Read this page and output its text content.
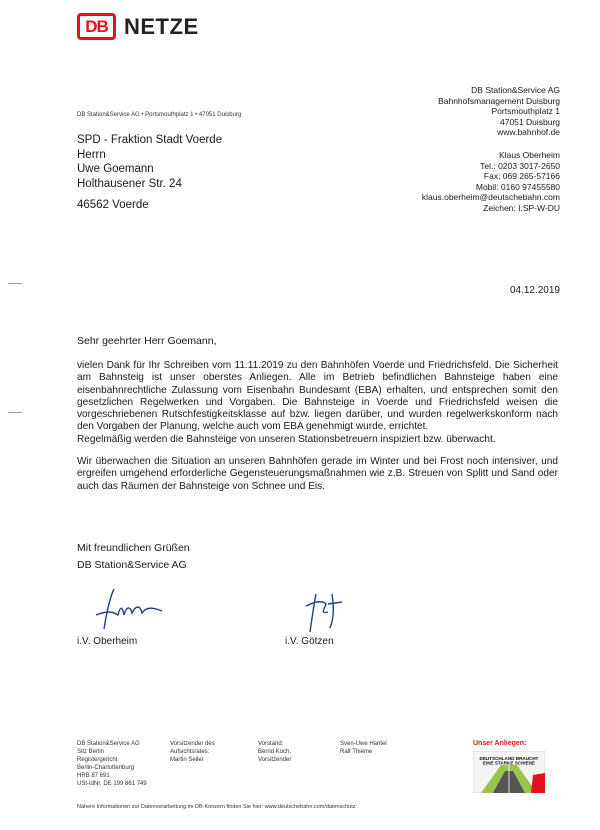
DB NETZE
DB Station&Service AG • Portsmouthplatz 1 • 47051 Duisburg
SPD - Fraktion Stadt Voerde
Herrn
Uwe Goemann
Holthausener Str. 24
46562 Voerde
DB Station&Service AG
Bahnhofsmanagement Duisburg
Portsmouthplatz 1
47051 Duisburg
www.bahnhof.de
Klaus Oberheim
Tel.: 0203 3017-2650
Fax: 069 265-57166
Mobil: 0160 97455580
klaus.oberheim@deutschebahn.com
Zeichen: I.SP-W-DU
04.12.2019
Sehr geehrter Herr Goemann,

vielen Dank für Ihr Schreiben vom 11.11.2019 zu den Bahnhöfen Voerde und Friedrichsfeld. Die Sicherheit am Bahnsteig ist unser oberstes Anliegen. Alle im Betrieb befindlichen Bahnsteige haben eine eisenbahnrechtliche Zulassung vom Eisenbahn Bundesamt (EBA) erhalten, und entsprechen somit den gesetzlichen Regelwerken und Vorgaben. Die Bahnsteige in Voerde und Friedrichsfeld weisen die vorgeschriebenen Rutschfestigkeitsklasse auf bzw. liegen darüber, und wurden regelwerkskonform nach den Vorgaben der Planung, welche auch vom EBA genehmigt wurde, errichtet.

Regelmäßig werden die Bahnsteige von unseren Stationsbetreuern inspiziert bzw. überwacht.

Wir überwachen die Situation an unseren Bahnhöfen gerade im Winter und bei Frost noch intensiver, und ergreifen umgehend erforderliche Gegensteuerungsmaßnahmen wie z.B. Streuen von Splitt und Sand oder auch das Räumen der Bahnsteige von Schnee und Eis.

Mit freundlichen Grüßen
DB Station&Service AG
i.V. Oberheim	i.V. Götzen
DB Station&Service AG
Sitz Berlin
Registergericht
Berlin-Charlottenburg
HRB 87 691
USt-IdNr. DE 199 861 749
Vorsitzender des
Aufsichtsrates:
Martin Seiler
Vorstand:
Bernd Koch,
Vorsitzender
Sven-Uwe Hantel
Ralf Thieme
Unser Anliegen:
DEUTSCHLAND BRAUCHT
EINE STARKE SCHIENE
Nähere Informationen zur Datenverarbeitung im DB-Konzern finden Sie hier: www.deutschebahn.com/datenschutz
